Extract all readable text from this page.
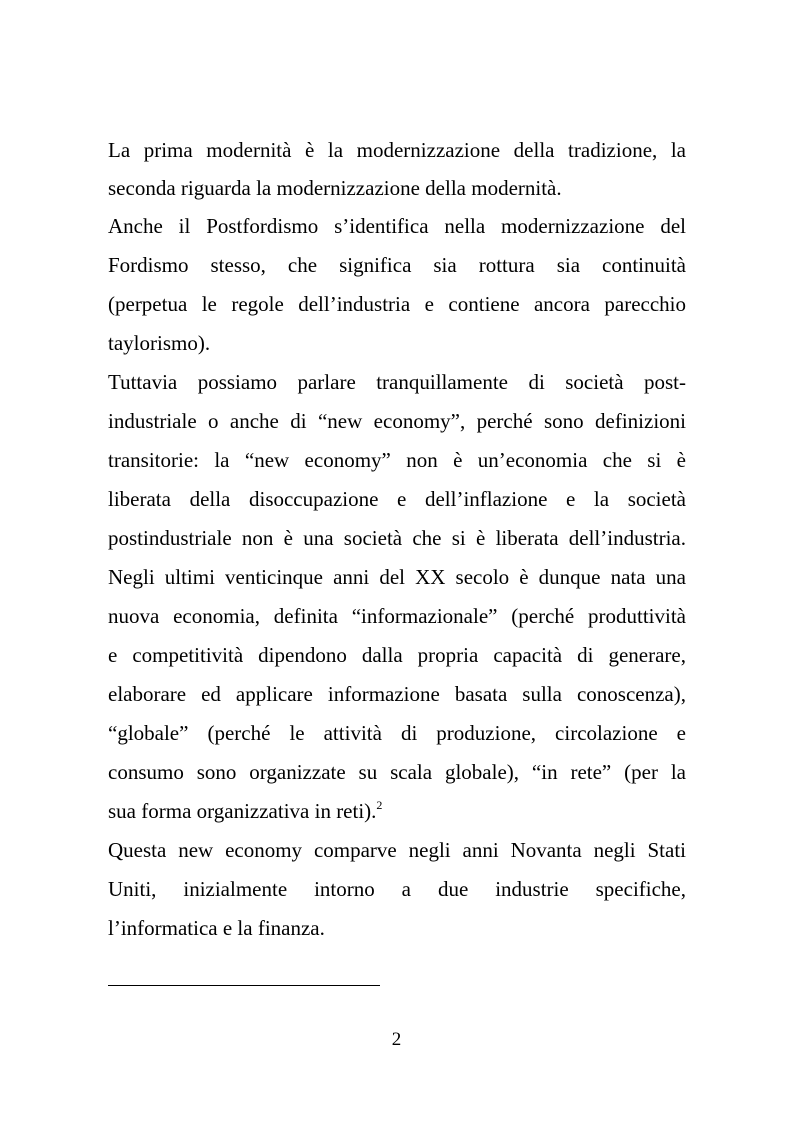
La prima modernità è la modernizzazione della tradizione, la
seconda riguarda la modernizzazione della modernità.
Anche il Postfordismo s’identifica nella modernizzazione del
Fordismo stesso, che significa sia rottura sia continuità
(perpetua le regole dell’industria e contiene ancora parecchio
taylorismo).
Tuttavia possiamo parlare tranquillamente di società post-
industriale o anche di “new economy”, perché sono definizioni
transitorie: la “new economy” non è un’economia che si è
liberata della disoccupazione e dell’inflazione e la società
postindustriale non è una società che si è liberata dell’industria.
Negli ultimi venticinque anni del XX secolo è dunque nata una
nuova economia, definita “informazionale” (perché produttività
e competitività dipendono dalla propria capacità di generare,
elaborare ed applicare informazione basata sulla conoscenza),
“globale” (perché le attività di produzione, circolazione e
consumo sono organizzate su scala globale), “in rete” (per la
sua forma organizzativa in reti).$^2$
Questa new economy comparve negli anni Novanta negli Stati
Uniti, inizialmente intorno a due industrie specifiche,
l’informatica e la finanza.
2
